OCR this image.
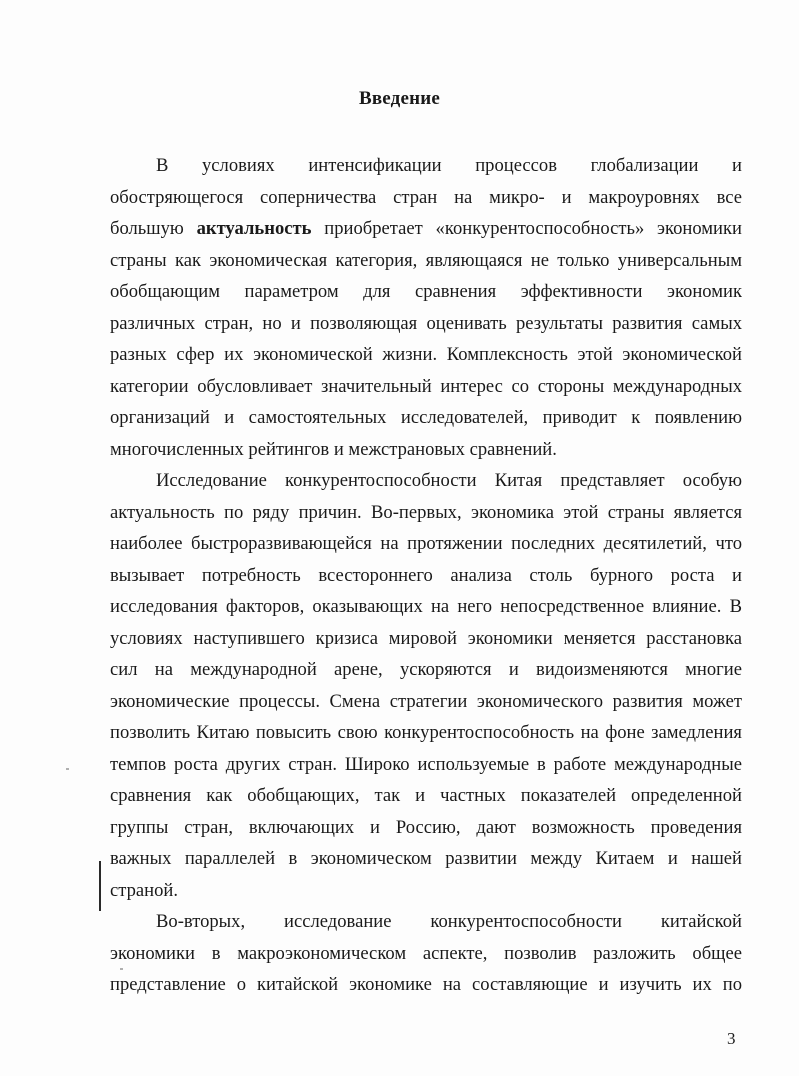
Введение
В условиях интенсификации процессов глобализации и
обостряющегося соперничества стран на микро- и макроуровнях все
большую актуальность приобретает «конкурентоспособность» экономики
страны как экономическая категория, являющаяся не только универсальным
обобщающим параметром для сравнения эффективности экономик
различных стран, но и позволяющая оценивать результаты развития самых
разных сфер их экономической жизни. Комплексность этой экономической
категории обусловливает значительный интерес со стороны международных
организаций и самостоятельных исследователей, приводит к появлению
многочисленных рейтингов и межстрановых сравнений.
Исследование конкурентоспособности Китая представляет особую
актуальность по ряду причин. Во-первых, экономика этой страны является
наиболее быстроразвивающейся на протяжении последних десятилетий, что
вызывает потребность всестороннего анализа столь бурного роста и
исследования факторов, оказывающих на него непосредственное влияние. В
условиях наступившего кризиса мировой экономики меняется расстановка
сил на международной арене, ускоряются и видоизменяются многие
экономические процессы. Смена стратегии экономического развития может
позволить Китаю повысить свою конкурентоспособность на фоне замедления
темпов роста других стран. Широко используемые в работе международные
сравнения как обобщающих, так и частных показателей определенной
группы стран, включающих и Россию, дают возможность проведения
важных параллелей в экономическом развитии между Китаем и нашей
страной.
Во-вторых, исследование конкурентоспособности китайской
экономики в макроэкономическом аспекте, позволив разложить общее
представление о китайской экономике на составляющие и изучить их по
3
